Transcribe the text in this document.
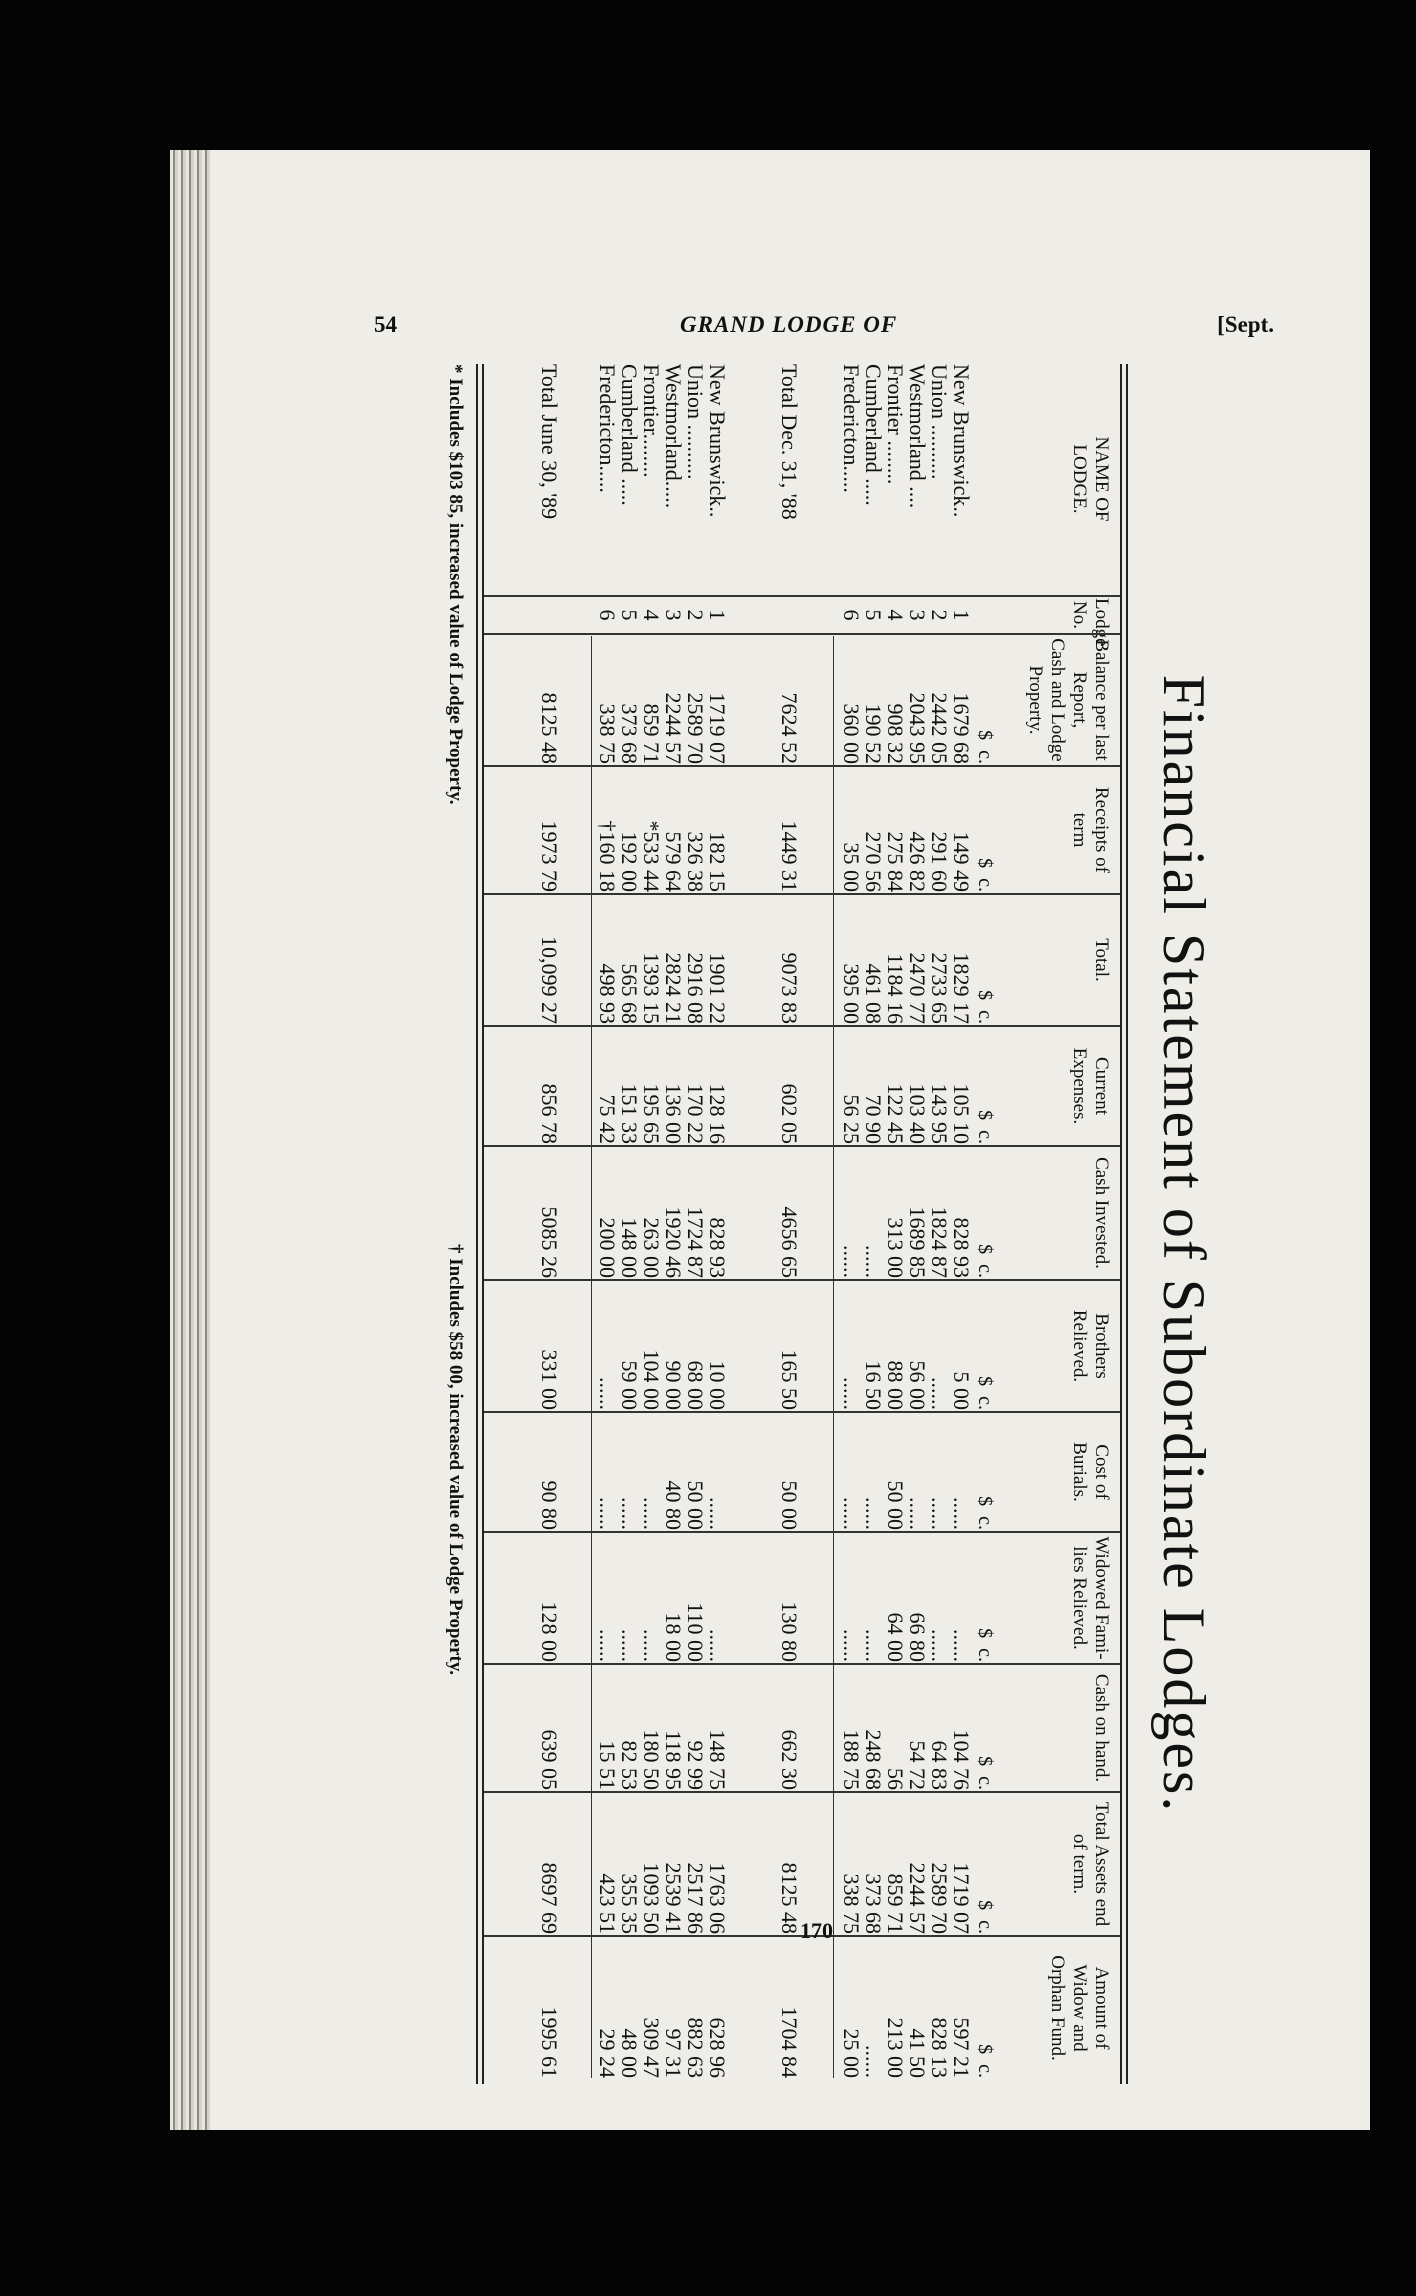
54	GRAND LODGE OF	[Sept.
Financial Statement of Subordinate Lodges.
NAME OF
LODGE.
Lodge No.
Balance per last
Report,
Cash and Lodge
Property.
Receipts of term
Total.
Current
Expenses.
Cash Invested.
Brothers Relieved.
Cost of Burials.
Widowed Fami-
lies Relieved.
Cash on hand.
Total Assets end
of term.
Amount of
Widow and
Orphan Fund.
$  c.
$  c.
$  c.
$  c.
$  c.
$  c.
$  c.
$  c.
$  c.
$  c.
$  c.
New Brunswick..
1
1679 68
149 49
1829 17
105 10
828 93
5 00
......
......
104 76
1719 07
597 21
Union ..........
2
2442 05
291 60
2733 65
143 95
1824 87
......
......
......
64 83
2589 70
828 13
Westmorland ....
3
2043 95
426 82
2470 77
103 40
1689 85
56 00
......
66 80
54 72
2244 57
41 50
Frontier ........
4
908 32
275 84
1184 16
122 45
313 00
88 00
50 00
64 00
56
859 71
213 00
Cumberland .....
5
190 52
270 56
461 08
70 90
......
16 50
......
......
248 68
373 68
......
Fredericton.....
6
360 00
35 00
395 00
56 25
......
......
......
......
188 75
338 75
25 00
Total Dec. 31, '88
7624 52
1449 31
9073 83
602 05
4656 65
165 50
50 00
130 80
662 30
8125 48
1704 84
New Brunswick..
1
1719 07
182 15
1901 22
128 16
828 93
10 00
......
......
148 75
1763 06
628 96
Union ..........
2
2589 70
326 38
2916 08
170 22
1724 87
68 00
50 00
110 00
92 99
2517 86
882 63
Westmorland.....
3
2244 57
579 64
2824 21
136 00
1920 46
90 00
40 80
18 00
118 95
2539 41
97 31
Frontier........
4
859 71
*533 44
1393 15
195 65
263 00
104 00
......
......
180 50
1093 50
309 47
Cumberland .....
5
373 68
192 00
565 68
151 33
148 00
59 00
......
......
82 53
355 35
48 00
Fredericton.....
6
338 75
†160 18
498 93
75 42
200 00
......
......
......
15 51
423 51
29 24
Total June 30, '89
8125 48
1973 79
10,099 27
856 78
5085 26
331 00
90 80
128 00
639 05
8697 69
1995 61
* Includes $103 85, increased value of Lodge Property.
† Includes $58 00, increased value of Lodge Property.
170
